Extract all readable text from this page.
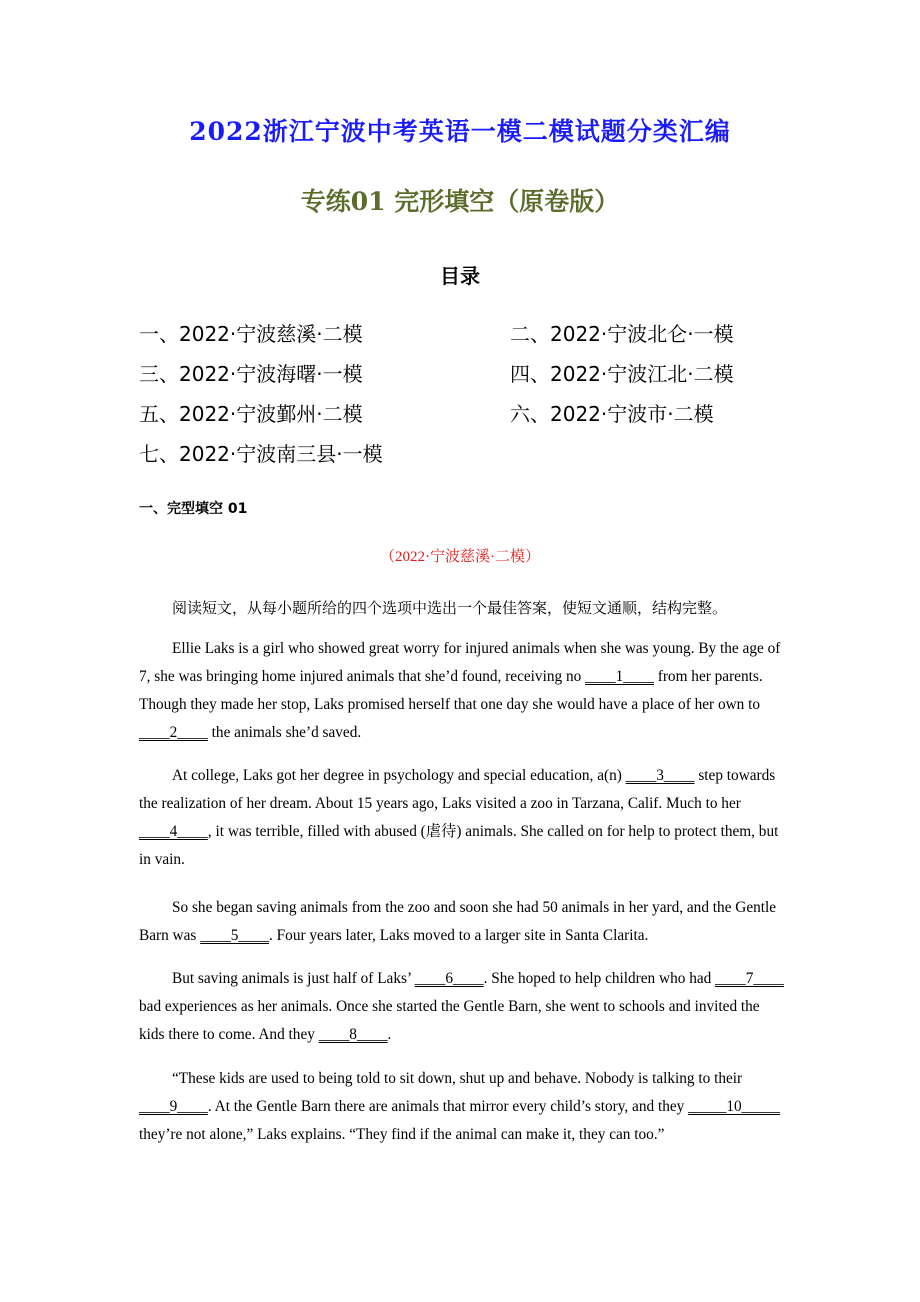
2022浙江宁波中考英语一模二模试题分类汇编
专练01 完形填空（原卷版）
目录
一、2022·宁波慈溪·二模	二、2022·宁波北仑·一模
三、2022·宁波海曙·一模	四、2022·宁波江北·二模
五、2022·宁波鄞州·二模	六、2022·宁波市·二模
七、2022·宁波南三县·一模
一、完型填空 01
（2022·宁波慈溪·二模）
阅读短文，从每小题所给的四个选项中选出一个最佳答案，使短文通顺，结构完整。

Ellie Laks is a girl who showed great worry for injured animals when she was young. By the age of 7, she was bringing home injured animals that she’d found, receiving no ____1____ from her parents. Though they made her stop, Laks promised herself that one day she would have a place of her own to ____2____ the animals she’d saved.

At college, Laks got her degree in psychology and special education, a(n) ____3____ step towards the realization of her dream. About 15 years ago, Laks visited a zoo in Tarzana, Calif. Much to her ____4____, it was terrible, filled with abused (虐待) animals. She called on for help to protect them, but in vain.

So she began saving animals from the zoo and soon she had 50 animals in her yard, and the Gentle Barn was ____5____. Four years later, Laks moved to a larger site in Santa Clarita.

But saving animals is just half of Laks’ ____6____. She hoped to help children who had ____7____ bad experiences as her animals. Once she started the Gentle Barn, she went to schools and invited the kids there to come. And they ____8____.

“These kids are used to being told to sit down, shut up and behave. Nobody is talking to their ____9____. At the Gentle Barn there are animals that mirror every child’s story, and they _____10_____ they’re not alone,” Laks explains. “They find if the animal can make it, they can too.”
